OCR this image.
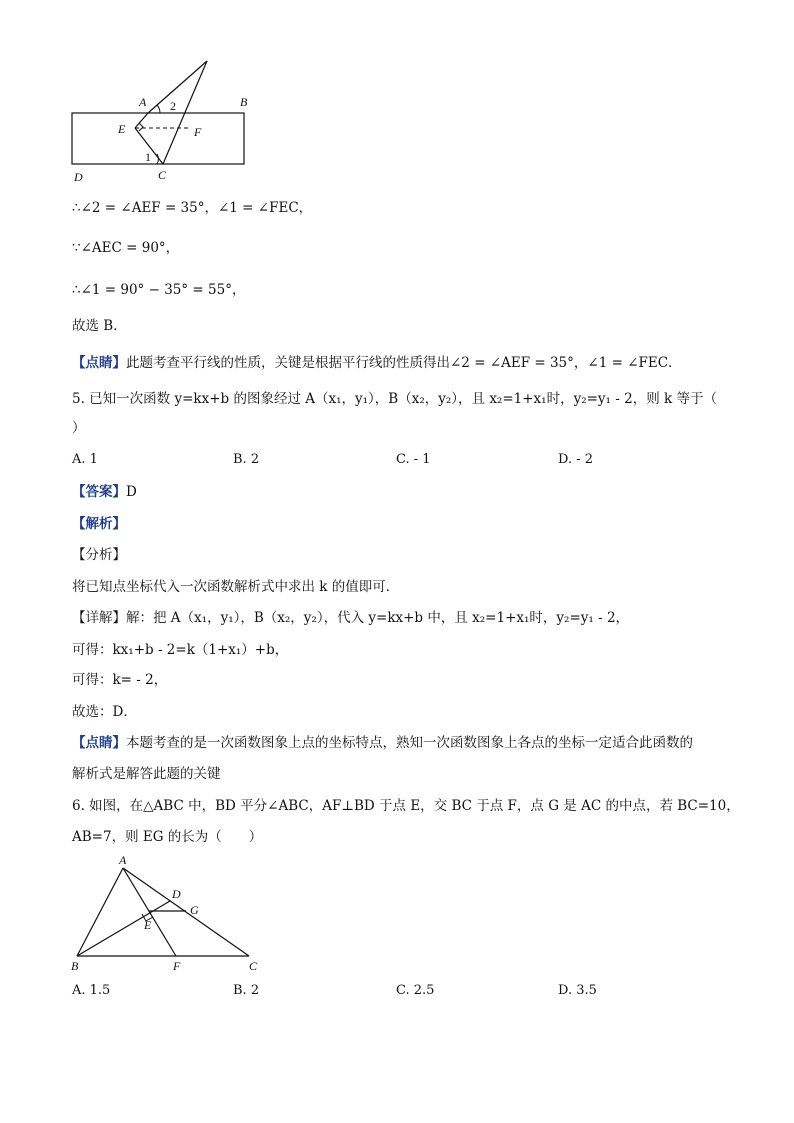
A 2	B
E	F
1
D	C
∴∠2 = ∠AEF = 35°，∠1 = ∠FEC，
∵∠AEC = 90°，
∴∠1 = 90° − 35° = 55°，
故选 B．
【点睛】此题考查平行线的性质，关键是根据平行线的性质得出∠2 = ∠AEF = 35°，∠1 = ∠FEC．
5. 已知一次函数 y=kx+b 的图象经过 A（x₁，y₁），B（x₂，y₂），且 x₂=1+x₁时，y₂=y₁ - 2，则 k 等于（
）
A. 1	B. 2	C. - 1	D. - 2
【答案】D
【解析】
【分析】
将已知点坐标代入一次函数解析式中求出 k 的值即可．
【详解】解：把 A（x₁，y₁），B（x₂，y₂），代入 y=kx+b 中，且 x₂=1+x₁时，y₂=y₁ - 2，
可得：kx₁+b - 2=k（1+x₁）+b，
可得：k= - 2，
故选：D．
【点睛】本题考查的是一次函数图象上点的坐标特点，熟知一次函数图象上各点的坐标一定适合此函数的
解析式是解答此题的关键
6. 如图，在△ABC 中，BD 平分∠ABC，AF⊥BD 于点 E，交 BC 于点 F，点 G 是 AC 的中点，若 BC=10，
AB=7，则 EG 的长为（　　）
A
D
G
E
B	F	C
A. 1.5	B. 2	C. 2.5	D. 3.5
